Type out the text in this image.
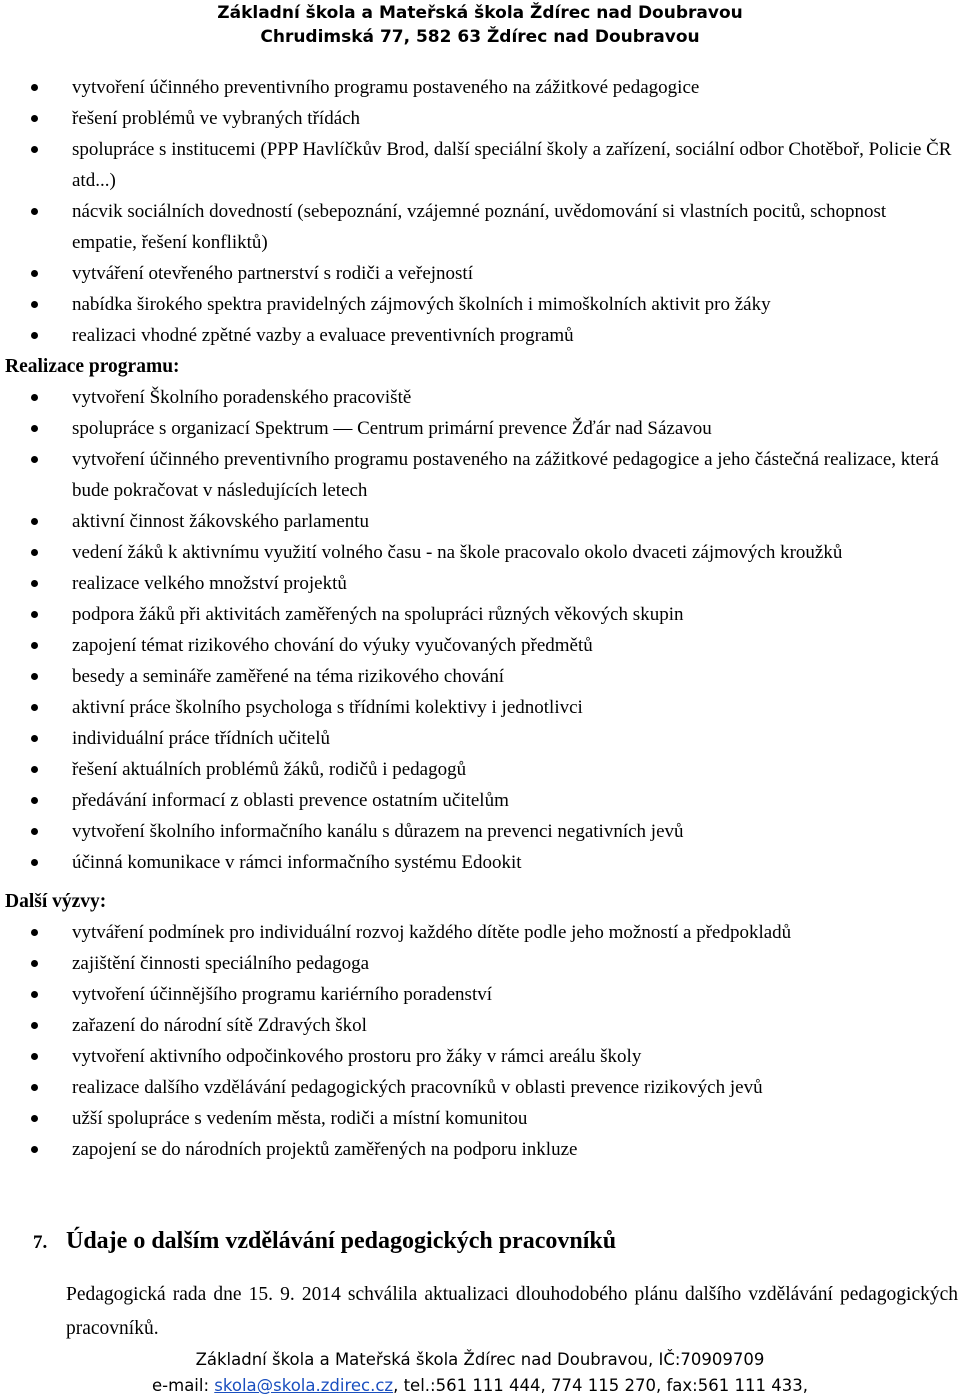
Základní škola a Mateřská škola Ždírec nad Doubravou
Chrudimská 77, 582 63 Ždírec nad Doubravou
vytvoření účinného preventivního programu postaveného na zážitkové pedagogice
řešení problémů ve vybraných třídách
spolupráce s institucemi (PPP Havlíčkův Brod, další speciální školy a zařízení, sociální odbor Chotěboř, Policie ČR atd...)
nácvik sociálních dovedností (sebepoznání, vzájemné poznání, uvědomování si vlastních pocitů, schopnost empatie, řešení konfliktů)
vytváření otevřeného partnerství s rodiči a veřejností
nabídka širokého spektra pravidelných zájmových školních i mimoškolních aktivit pro žáky
realizaci vhodné zpětné vazby a evaluace preventivních programů
Realizace programu:
vytvoření Školního poradenského pracoviště
spolupráce s organizací Spektrum — Centrum primární prevence Žďár nad Sázavou
vytvoření účinného preventivního programu postaveného na zážitkové pedagogice a jeho částečná realizace, která bude pokračovat v následujících letech
aktivní činnost žákovského parlamentu
vedení žáků k aktivnímu využití volného času - na škole pracovalo okolo dvaceti zájmových kroužků
realizace velkého množství projektů
podpora žáků při aktivitách zaměřených na spolupráci různých věkových skupin
zapojení témat rizikového chování do výuky vyučovaných předmětů
besedy a semináře zaměřené na téma rizikového chování
aktivní práce školního psychologa s třídními kolektivy i jednotlivci
individuální práce třídních učitelů
řešení aktuálních problémů žáků, rodičů i pedagogů
předávání informací z oblasti prevence ostatním učitelům
vytvoření školního informačního kanálu s důrazem na prevenci negativních jevů
účinná komunikace v rámci informačního systému Edookit
Další výzvy:
vytváření podmínek pro individuální rozvoj každého dítěte podle jeho možností a předpokladů
zajištění činnosti speciálního pedagoga
vytvoření účinnějšího programu kariérního poradenství
zařazení do národní sítě Zdravých škol
vytvoření aktivního odpočinkového prostoru pro žáky v rámci areálu školy
realizace dalšího vzdělávání pedagogických pracovníků v oblasti prevence rizikových jevů
užší spolupráce s vedením města, rodiči a místní komunitou
zapojení se do národních projektů zaměřených na podporu inkluze
7. Údaje o dalším vzdělávání pedagogických pracovníků
Pedagogická rada dne 15. 9. 2014 schválila aktualizaci dlouhodobého plánu dalšího vzdělávání pedagogických pracovníků.
Základní škola a Mateřská škola Ždírec nad Doubravou, IČ:70909709
e-mail: skola@skola.zdirec.cz, tel.:561 111 444, 774 115 270, fax:561 111 433,
